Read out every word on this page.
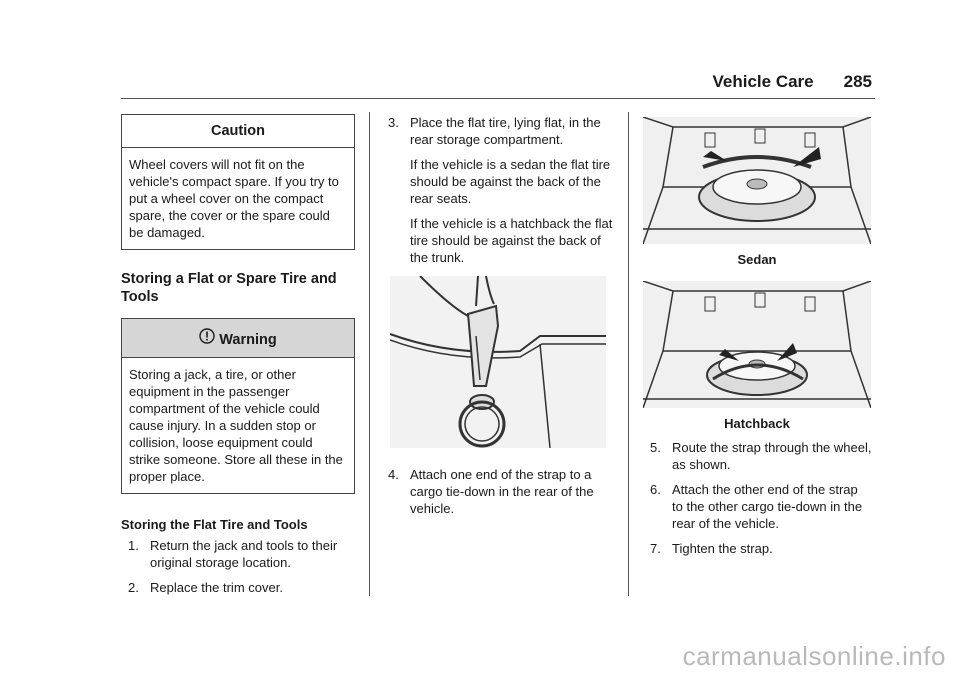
Vehicle Care 285
Caution
Wheel covers will not fit on the vehicle's compact spare. If you try to put a wheel cover on the compact spare, the cover or the spare could be damaged.

Storing a Flat or Spare Tire and Tools

Warning
Storing a jack, a tire, or other equipment in the passenger compartment of the vehicle could cause injury. In a sudden stop or collision, loose equipment could strike someone. Store all these in the proper place.
Storing the Flat Tire and Tools
1. Return the jack and tools to their original storage location.
2. Replace the trim cover.
3. Place the flat tire, lying flat, in the rear storage compartment.

If the vehicle is a sedan the flat tire should be against the back of the rear seats.

If the vehicle is a hatchback the flat tire should be against the back of the trunk.

4. Attach one end of the strap to a cargo tie-down in the rear of the vehicle.
Sedan
Hatchback
5. Route the strap through the wheel, as shown.
6. Attach the other end of the strap to the other cargo tie-down in the rear of the vehicle.
7. Tighten the strap.
carmanualsonline.info
